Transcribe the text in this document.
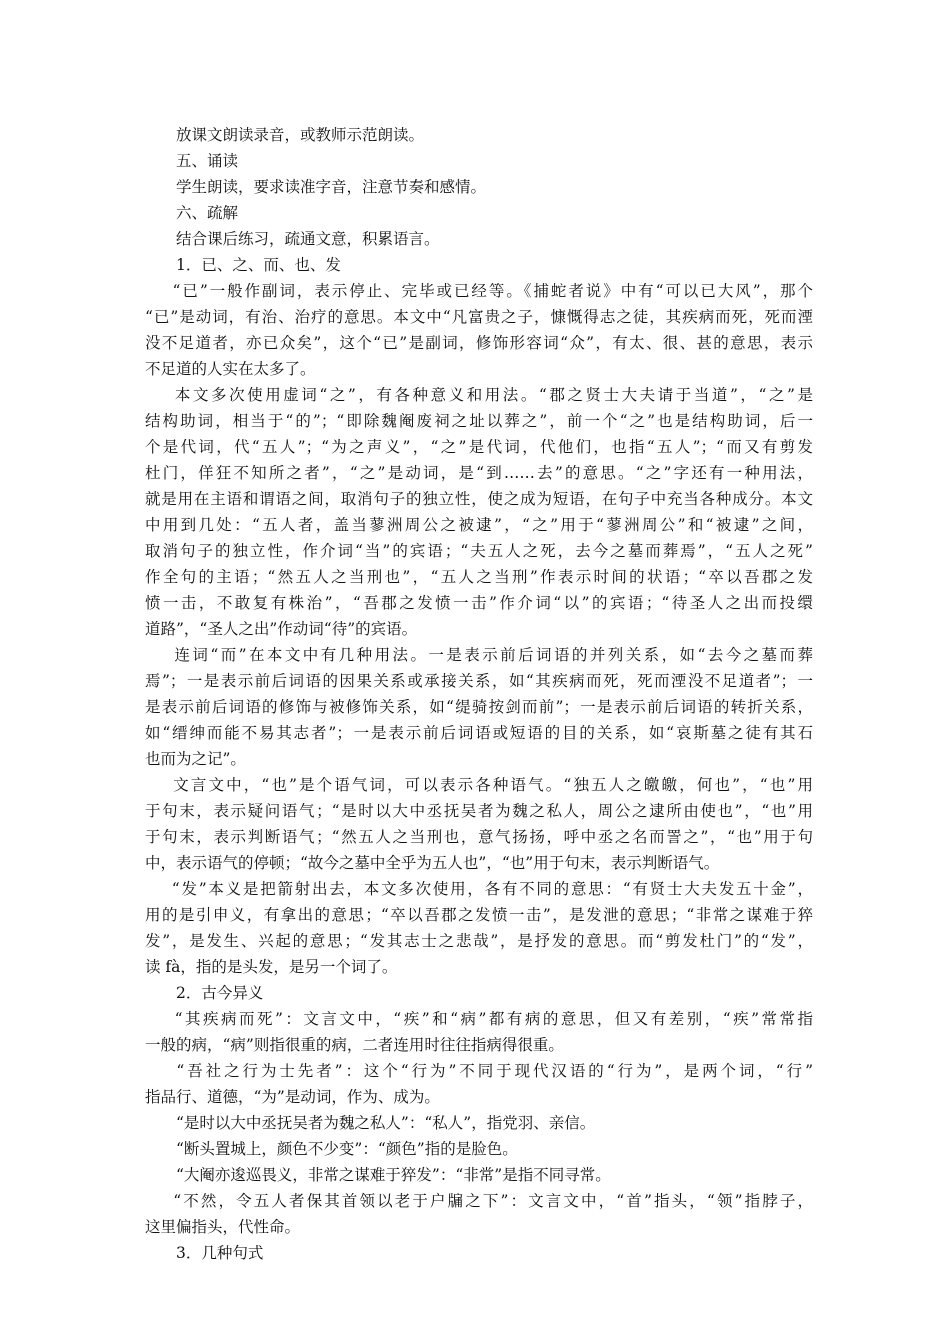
放课文朗读录音，或教师示范朗读。
五、诵读
学生朗读，要求读准字音，注意节奏和感情。
六、疏解
结合课后练习，疏通文意，积累语言。
1．已、之、而、也、发
“已”一般作副词，表示停止、完毕或已经等。《捕蛇者说》中有“可以已大风”，那个
“已”是动词，有治、治疗的意思。本文中“凡富贵之子，慷慨得志之徒，其疾病而死，死而湮
没不足道者，亦已众矣”，这个“已”是副词，修饰形容词“众”，有太、很、甚的意思，表示
不足道的人实在太多了。
本文多次使用虚词“之”，有各种意义和用法。“郡之贤士大夫请于当道”，“之”是
结构助词，相当于“的”；“即除魏阉废祠之址以葬之”，前一个“之”也是结构助词，后一
个是代词，代“五人”；“为之声义”，“之”是代词，代他们，也指“五人”；“而又有剪发
杜门，佯狂不知所之者”，“之”是动词，是“到……去”的意思。“之”字还有一种用法，
就是用在主语和谓语之间，取消句子的独立性，使之成为短语，在句子中充当各种成分。本文
中用到几处：“五人者，盖当蓼洲周公之被逮”，“之”用于“蓼洲周公”和“被逮”之间，
取消句子的独立性，作介词“当”的宾语；“夫五人之死，去今之墓而葬焉”，“五人之死”
作全句的主语；“然五人之当刑也”，“五人之当刑”作表示时间的状语；“卒以吾郡之发
愤一击，不敢复有株治”，“吾郡之发愤一击”作介词“以”的宾语；“待圣人之出而投缳
道路”，“圣人之出”作动词“待”的宾语。
连词“而”在本文中有几种用法。一是表示前后词语的并列关系，如“去今之墓而葬
焉”；一是表示前后词语的因果关系或承接关系，如“其疾病而死，死而湮没不足道者”；一
是表示前后词语的修饰与被修饰关系，如“缇骑按剑而前”；一是表示前后词语的转折关系，
如“缙绅而能不易其志者”；一是表示前后词语或短语的目的关系，如“哀斯墓之徒有其石
也而为之记”。
文言文中，“也”是个语气词，可以表示各种语气。“独五人之皦皦，何也”，“也”用
于句末，表示疑问语气；“是时以大中丞抚吴者为魏之私人，周公之逮所由使也”，“也”用
于句末，表示判断语气；“然五人之当刑也，意气扬扬，呼中丞之名而詈之”，“也”用于句
中，表示语气的停顿；“故今之墓中全乎为五人也”，“也”用于句末，表示判断语气。
“发”本义是把箭射出去，本文多次使用，各有不同的意思：“有贤士大夫发五十金”，
用的是引申义，有拿出的意思；“卒以吾郡之发愤一击”，是发泄的意思；“非常之谋难于猝
发”，是发生、兴起的意思；“发其志士之悲哉”，是抒发的意思。而“剪发杜门”的“发”，
读 fà，指的是头发，是另一个词了。
2．古今异义
“其疾病而死”：文言文中，“疾”和“病”都有病的意思，但又有差别，“疾”常常指
一般的病，“病”则指很重的病，二者连用时往往指病得很重。
“吾社之行为士先者”：这个“行为”不同于现代汉语的“行为”，是两个词，“行”
指品行、道德，“为”是动词，作为、成为。
“是时以大中丞抚吴者为魏之私人”：“私人”，指党羽、亲信。
“断头置城上，颜色不少变”：“颜色”指的是脸色。
“大阉亦逡巡畏义，非常之谋难于猝发”：“非常”是指不同寻常。
“不然，令五人者保其首领以老于户牖之下”：文言文中，“首”指头，“领”指脖子，
这里偏指头，代性命。
3．几种句式
